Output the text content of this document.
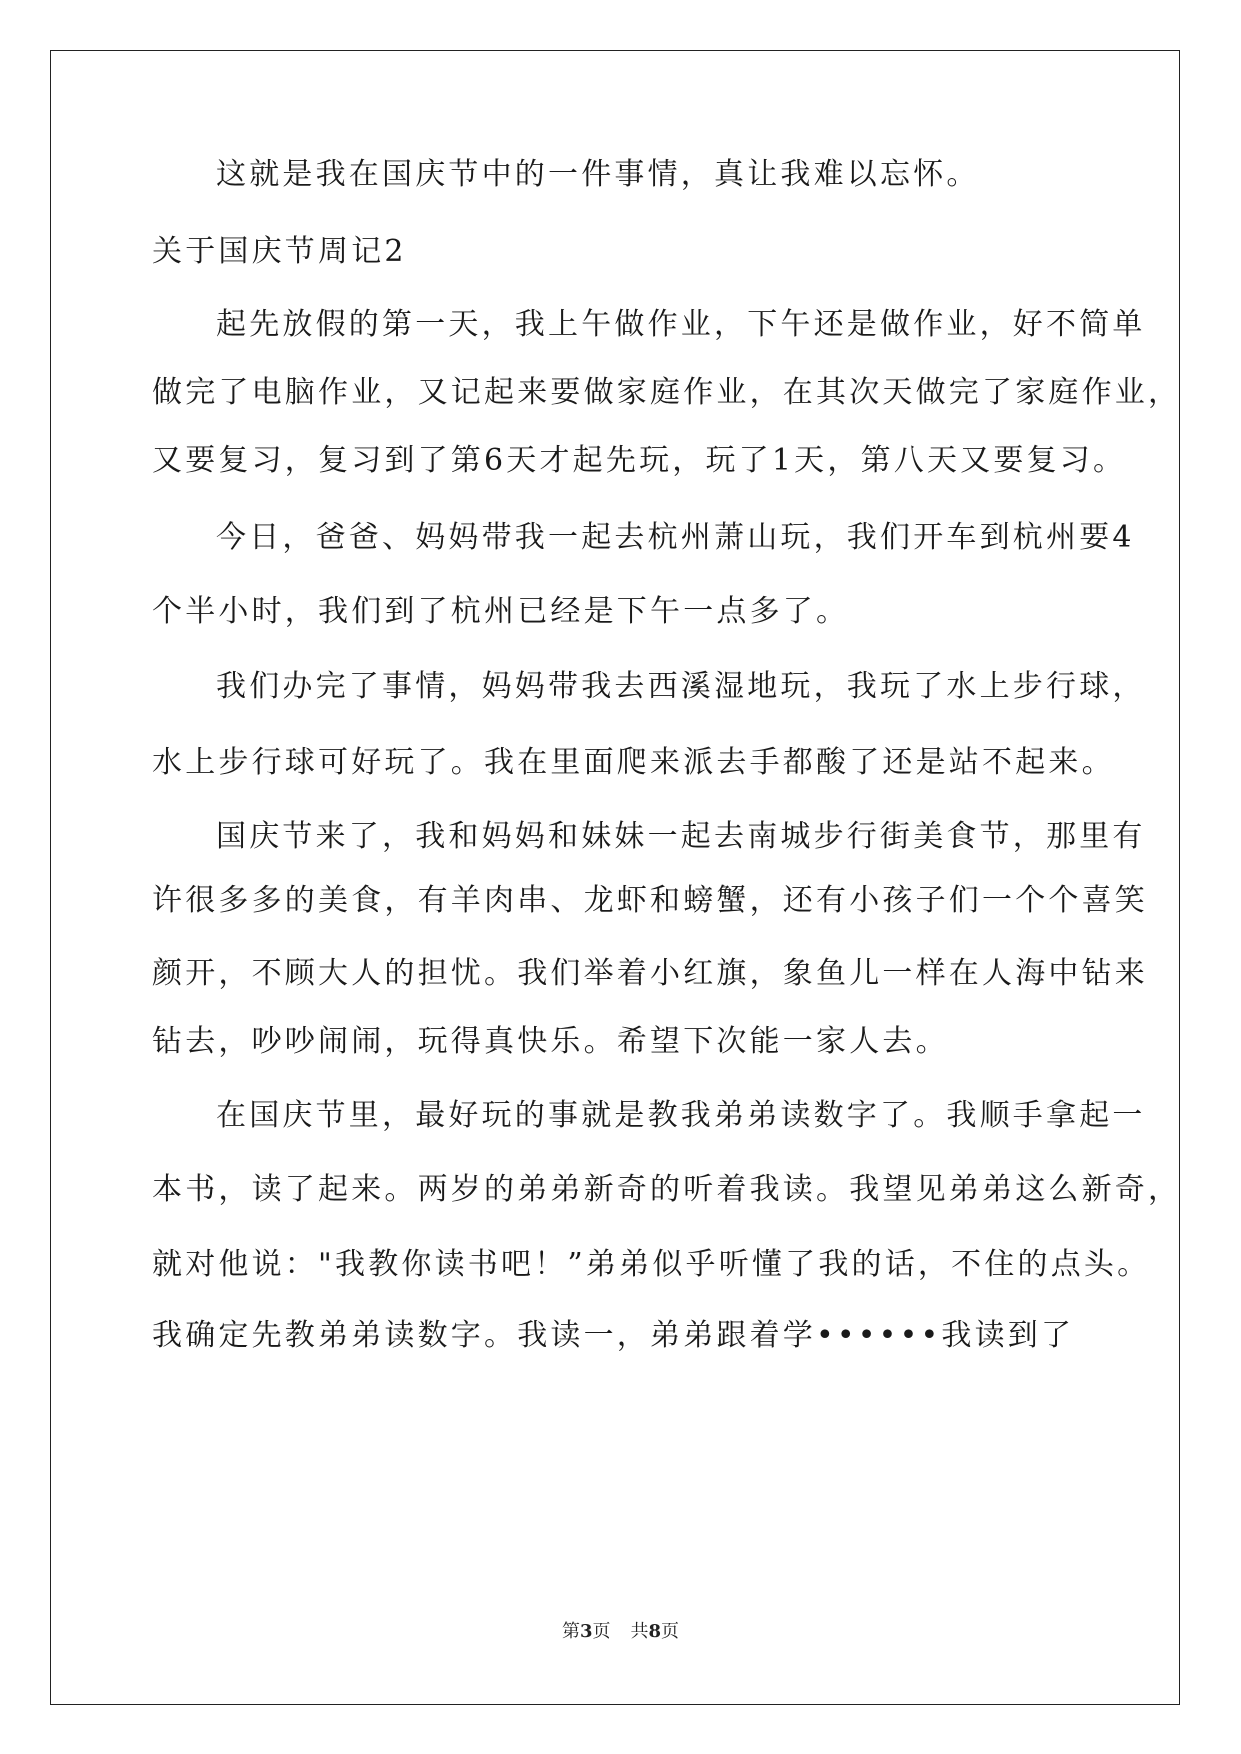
这就是我在国庆节中的一件事情，真让我难以忘怀。
关于国庆节周记2
起先放假的第一天，我上午做作业，下午还是做作业，好不简单
做完了电脑作业，又记起来要做家庭作业，在其次天做完了家庭作业，
又要复习，复习到了第6天才起先玩，玩了1天，第八天又要复习。
今日，爸爸、妈妈带我一起去杭州萧山玩，我们开车到杭州要4
个半小时，我们到了杭州已经是下午一点多了。
我们办完了事情，妈妈带我去西溪湿地玩，我玩了水上步行球，
水上步行球可好玩了。我在里面爬来派去手都酸了还是站不起来。
国庆节来了，我和妈妈和妹妹一起去南城步行街美食节，那里有
许很多多的美食，有羊肉串、龙虾和螃蟹，还有小孩子们一个个喜笑
颜开，不顾大人的担忧。我们举着小红旗，象鱼儿一样在人海中钻来
钻去，吵吵闹闹，玩得真快乐。希望下次能一家人去。
在国庆节里，最好玩的事就是教我弟弟读数字了。我顺手拿起一
本书，读了起来。两岁的弟弟新奇的听着我读。我望见弟弟这么新奇，
就对他说："我教你读书吧！”弟弟似乎听懂了我的话，不住的点头。
我确定先教弟弟读数字。我读一，弟弟跟着学••••••我读到了
第3页 共8页
